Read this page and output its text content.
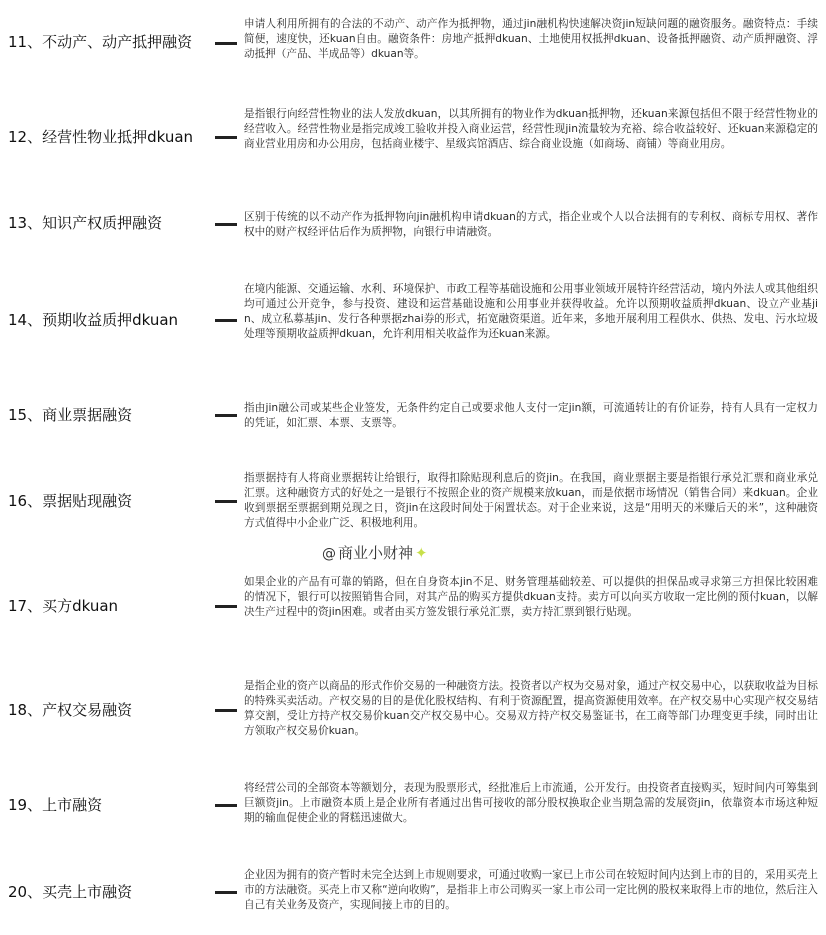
11、不动产、动产抵押融资
申请人利用所拥有的合法的不动产、动产作为抵押物，通过jin融机构快速解决资jin短缺问题的融资服务。融资特点：手续简便，速度快，还kuan自由。融资条件：房地产抵押dkuan、土地使用权抵押dkuan、设备抵押融资、动产质押融资、浮动抵押（产品、半成品等）dkuan等。
12、经营性物业抵押dkuan
是指银行向经营性物业的法人发放dkuan，以其所拥有的物业作为dkuan抵押物，还kuan来源包括但不限于经营性物业的经营收入。经营性物业是指完成竣工验收并投入商业运营，经营性现jin流量较为充裕、综合收益较好、还kuan来源稳定的商业营业用房和办公用房，包括商业楼宇、星级宾馆酒店、综合商业设施（如商场、商铺）等商业用房。
13、知识产权质押融资	区别于传统的以不动产作为抵押物向jin融机构申请dkuan的方式，指企业或个人以合法拥有的专利权、商标专用权、著作权中的财产权经评估后作为质押物，向银行申请融资。
14、预期收益质押dkuan
在境内能源、交通运输、水利、环境保护、市政工程等基础设施和公用事业领域开展特许经营活动，境内外法人或其他组织均可通过公开竞争，参与投资、建设和运营基础设施和公用事业并获得收益。允许以预期收益质押dkuan、设立产业基jin、成立私募基jin、发行各种票据zhai券的形式，拓宽融资渠道。近年来，多地开展利用工程供水、供热、发电、污水垃圾处理等预期收益质押dkuan，允许利用相关收益作为还kuan来源。
15、商业票据融资	指由jin融公司或某些企业签发，无条件约定自己或要求他人支付一定jin额，可流通转让的有价证券，持有人具有一定权力的凭证，如汇票、本票、支票等。
16、票据贴现融资
指票据持有人将商业票据转让给银行，取得扣除贴现利息后的资jin。在我国，商业票据主要是指银行承兑汇票和商业承兑汇票。这种融资方式的好处之一是银行不按照企业的资产规模来放kuan，而是依据市场情况（销售合同）来dkuan。企业收到票据至票据到期兑现之日，资jin在这段时间处于闲置状态。对于企业来说，这是“用明天的米赚后天的米”，这种融资方式值得中小企业广泛、积极地利用。
@ 商业小财神 ✦
17、买方dkuan
如果企业的产品有可靠的销路，但在自身资本jin不足、财务管理基础较差、可以提供的担保品或寻求第三方担保比较困难的情况下，银行可以按照销售合同，对其产品的购买方提供dkuan支持。卖方可以向买方收取一定比例的预付kuan，以解决生产过程中的资jin困难。或者由买方签发银行承兑汇票，卖方持汇票到银行贴现。
18、产权交易融资
是指企业的资产以商品的形式作价交易的一种融资方法。投资者以产权为交易对象，通过产权交易中心，以获取收益为目标的特殊买卖活动。产权交易的目的是优化股权结构、有利于资源配置，提高资源使用效率。在产权交易中心实现产权交易结算交割，受让方持产权交易价kuan交产权交易中心。交易双方持产权交易鉴证书，在工商等部门办理变更手续，同时出让方领取产权交易价kuan。
19、上市融资
将经营公司的全部资本等额划分，表现为股票形式，经批准后上市流通，公开发行。由投资者直接购买，短时间内可筹集到巨额资jin。上市融资本质上是企业所有者通过出售可接收的部分股权换取企业当期急需的发展资jin，依靠资本市场这种短期的输血促使企业的肾糕迅速做大。
20、买壳上市融资
企业因为拥有的资产暂时未完全达到上市规则要求，可通过收购一家已上市公司在较短时间内达到上市的目的，采用买壳上市的方法融资。买壳上市又称“逆向收购”，是指非上市公司购买一家上市公司一定比例的股权来取得上市的地位，然后注入自己有关业务及资产，实现间接上市的目的。
